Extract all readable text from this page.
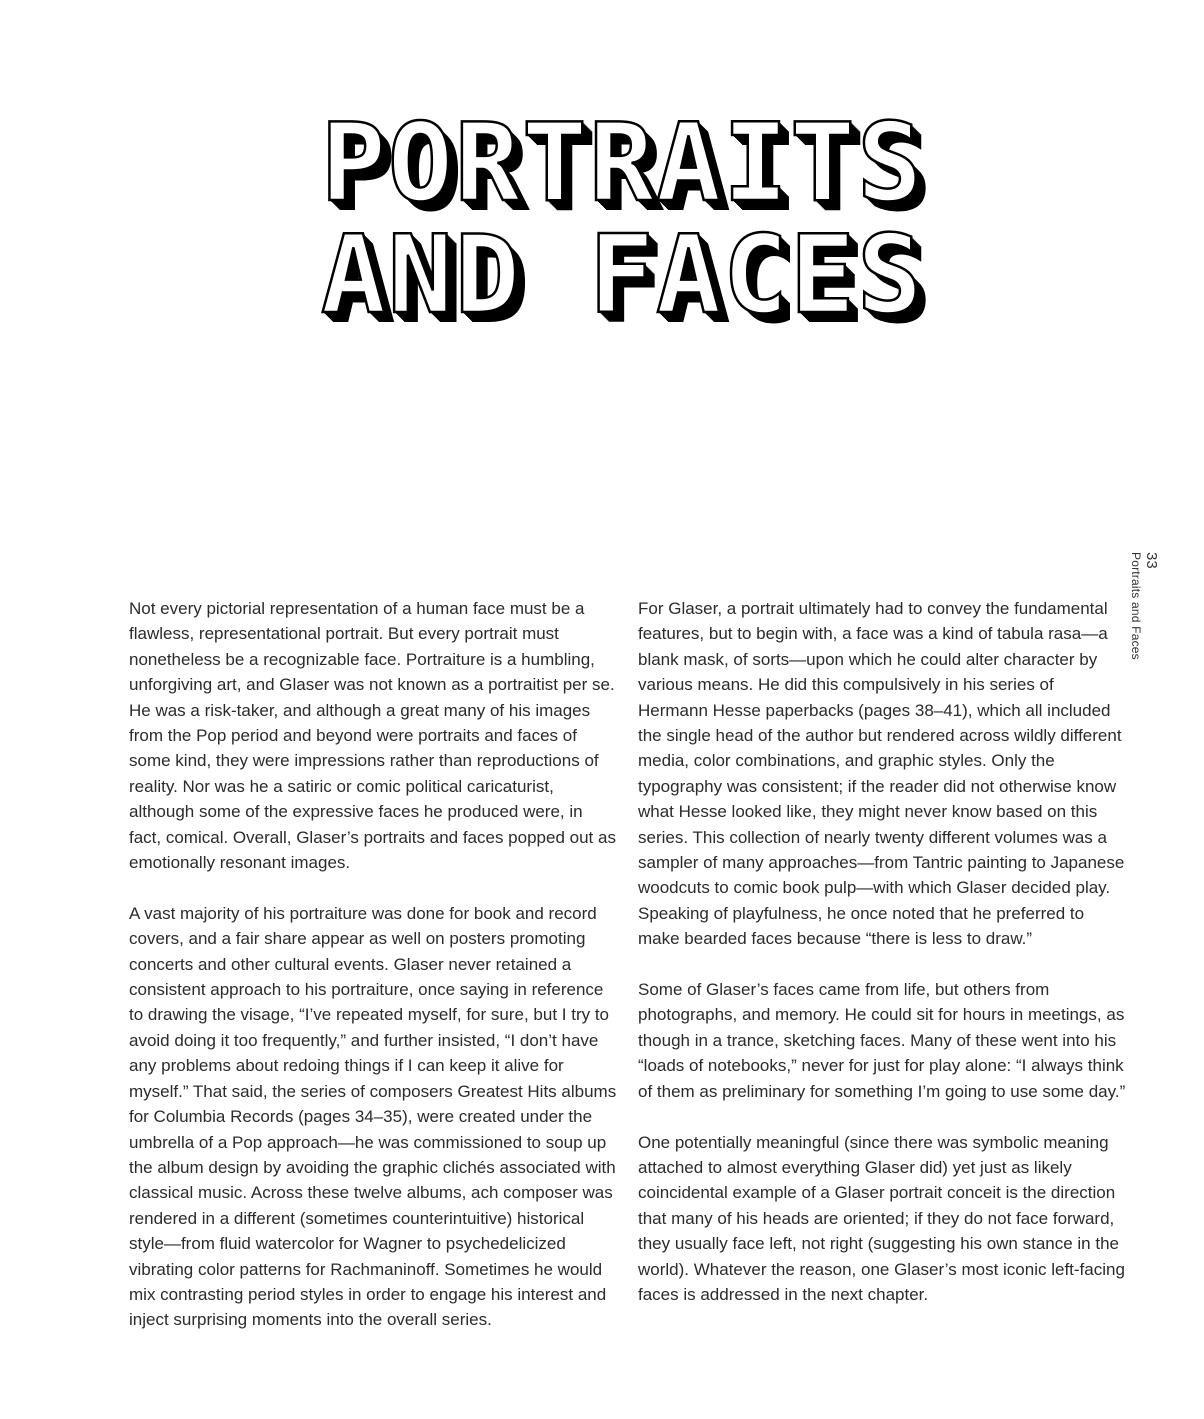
PORTRAITS
AND FACES
33
Portraits and Faces

Not every pictorial representation of a human face must be a flawless, representational portrait. But every portrait must nonetheless be a recognizable face. Portraiture is a humbling, unforgiving art, and Glaser was not known as a portraitist per se. He was a risk-taker, and although a great many of his images from the Pop period and beyond were portraits and faces of some kind, they were impressions rather than reproductions of reality. Nor was he a satiric or comic political caricaturist, although some of the expressive faces he produced were, in fact, comical. Overall, Glaser’s portraits and faces popped out as emotionally resonant images.

A vast majority of his portraiture was done for book and record covers, and a fair share appear as well on posters promoting concerts and other cultural events. Glaser never retained a consistent approach to his portraiture, once saying in reference to drawing the visage, “I’ve repeated myself, for sure, but I try to avoid doing it too frequently,” and further insisted, “I don’t have any problems about redoing things if I can keep it alive for myself.” That said, the series of composers Greatest Hits albums for Columbia Records (pages 34–35), were created under the umbrella of a Pop approach—he was commissioned to soup up the album design by avoiding the graphic clichés associated with classical music. Across these twelve albums, ach composer was rendered in a different (sometimes counterintuitive) historical style—from fluid watercolor for Wagner to psychedelicized vibrating color patterns for Rachmaninoff. Sometimes he would mix contrasting period styles in order to engage his interest and inject surprising moments into the overall series.

For Glaser, a portrait ultimately had to convey the fundamental features, but to begin with, a face was a kind of tabula rasa—a blank mask, of sorts—upon which he could alter character by various means. He did this compulsively in his series of Hermann Hesse paperbacks (pages 38–41), which all included the single head of the author but rendered across wildly different media, color combinations, and graphic styles. Only the typography was consistent; if the reader did not otherwise know what Hesse looked like, they might never know based on this series. This collection of nearly twenty different volumes was a sampler of many approaches—from Tantric painting to Japanese woodcuts to comic book pulp—with which Glaser decided play. Speaking of playfulness, he once noted that he preferred to make bearded faces because “there is less to draw.”

Some of Glaser’s faces came from life, but others from photographs, and memory. He could sit for hours in meetings, as though in a trance, sketching faces. Many of these went into his “loads of notebooks,” never for just for play alone: “I always think of them as preliminary for something I’m going to use some day.”

One potentially meaningful (since there was symbolic meaning attached to almost everything Glaser did) yet just as likely coincidental example of a Glaser portrait conceit is the direction that many of his heads are oriented; if they do not face forward, they usually face left, not right (suggesting his own stance in the world). Whatever the reason, one Glaser’s most iconic left-facing faces is addressed in the next chapter.
